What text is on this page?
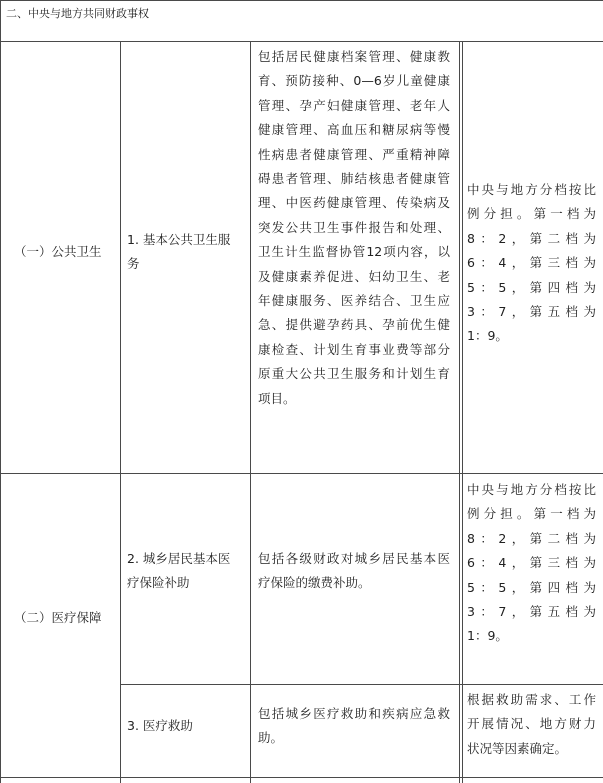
二、中央与地方共同财政事权
（一）公共卫生
1. 基本公共卫生服
务
包括居民健康档案管理、健康教
育、预防接种、0—6岁儿童健康
管理、孕产妇健康管理、老年人
健康管理、高血压和糖尿病等慢
性病患者健康管理、严重精神障
碍患者管理、肺结核患者健康管
理、中医药健康管理、传染病及
突发公共卫生事件报告和处理、
卫生计生监督协管12项内容，以
及健康素养促进、妇幼卫生、老
年健康服务、医养结合、卫生应
急、提供避孕药具、孕前优生健
康检查、计划生育事业费等部分
原重大公共卫生服务和计划生育
项目。
中央与地方分档按比
例分担。第一档为
8：2，第二档为
6：4，第三档为
5：5，第四档为
3：7，第五档为
1：9。
（二）医疗保障
2. 城乡居民基本医
疗保险补助
包括各级财政对城乡居民基本医
疗保险的缴费补助。
中央与地方分档按比
例分担。第一档为
8：2，第二档为
6：4，第三档为
5：5，第四档为
3：7，第五档为
1：9。
3. 医疗救助
包括城乡医疗救助和疾病应急救
助。
根据救助需求、工作
开展情况、地方财力
状况等因素确定。
